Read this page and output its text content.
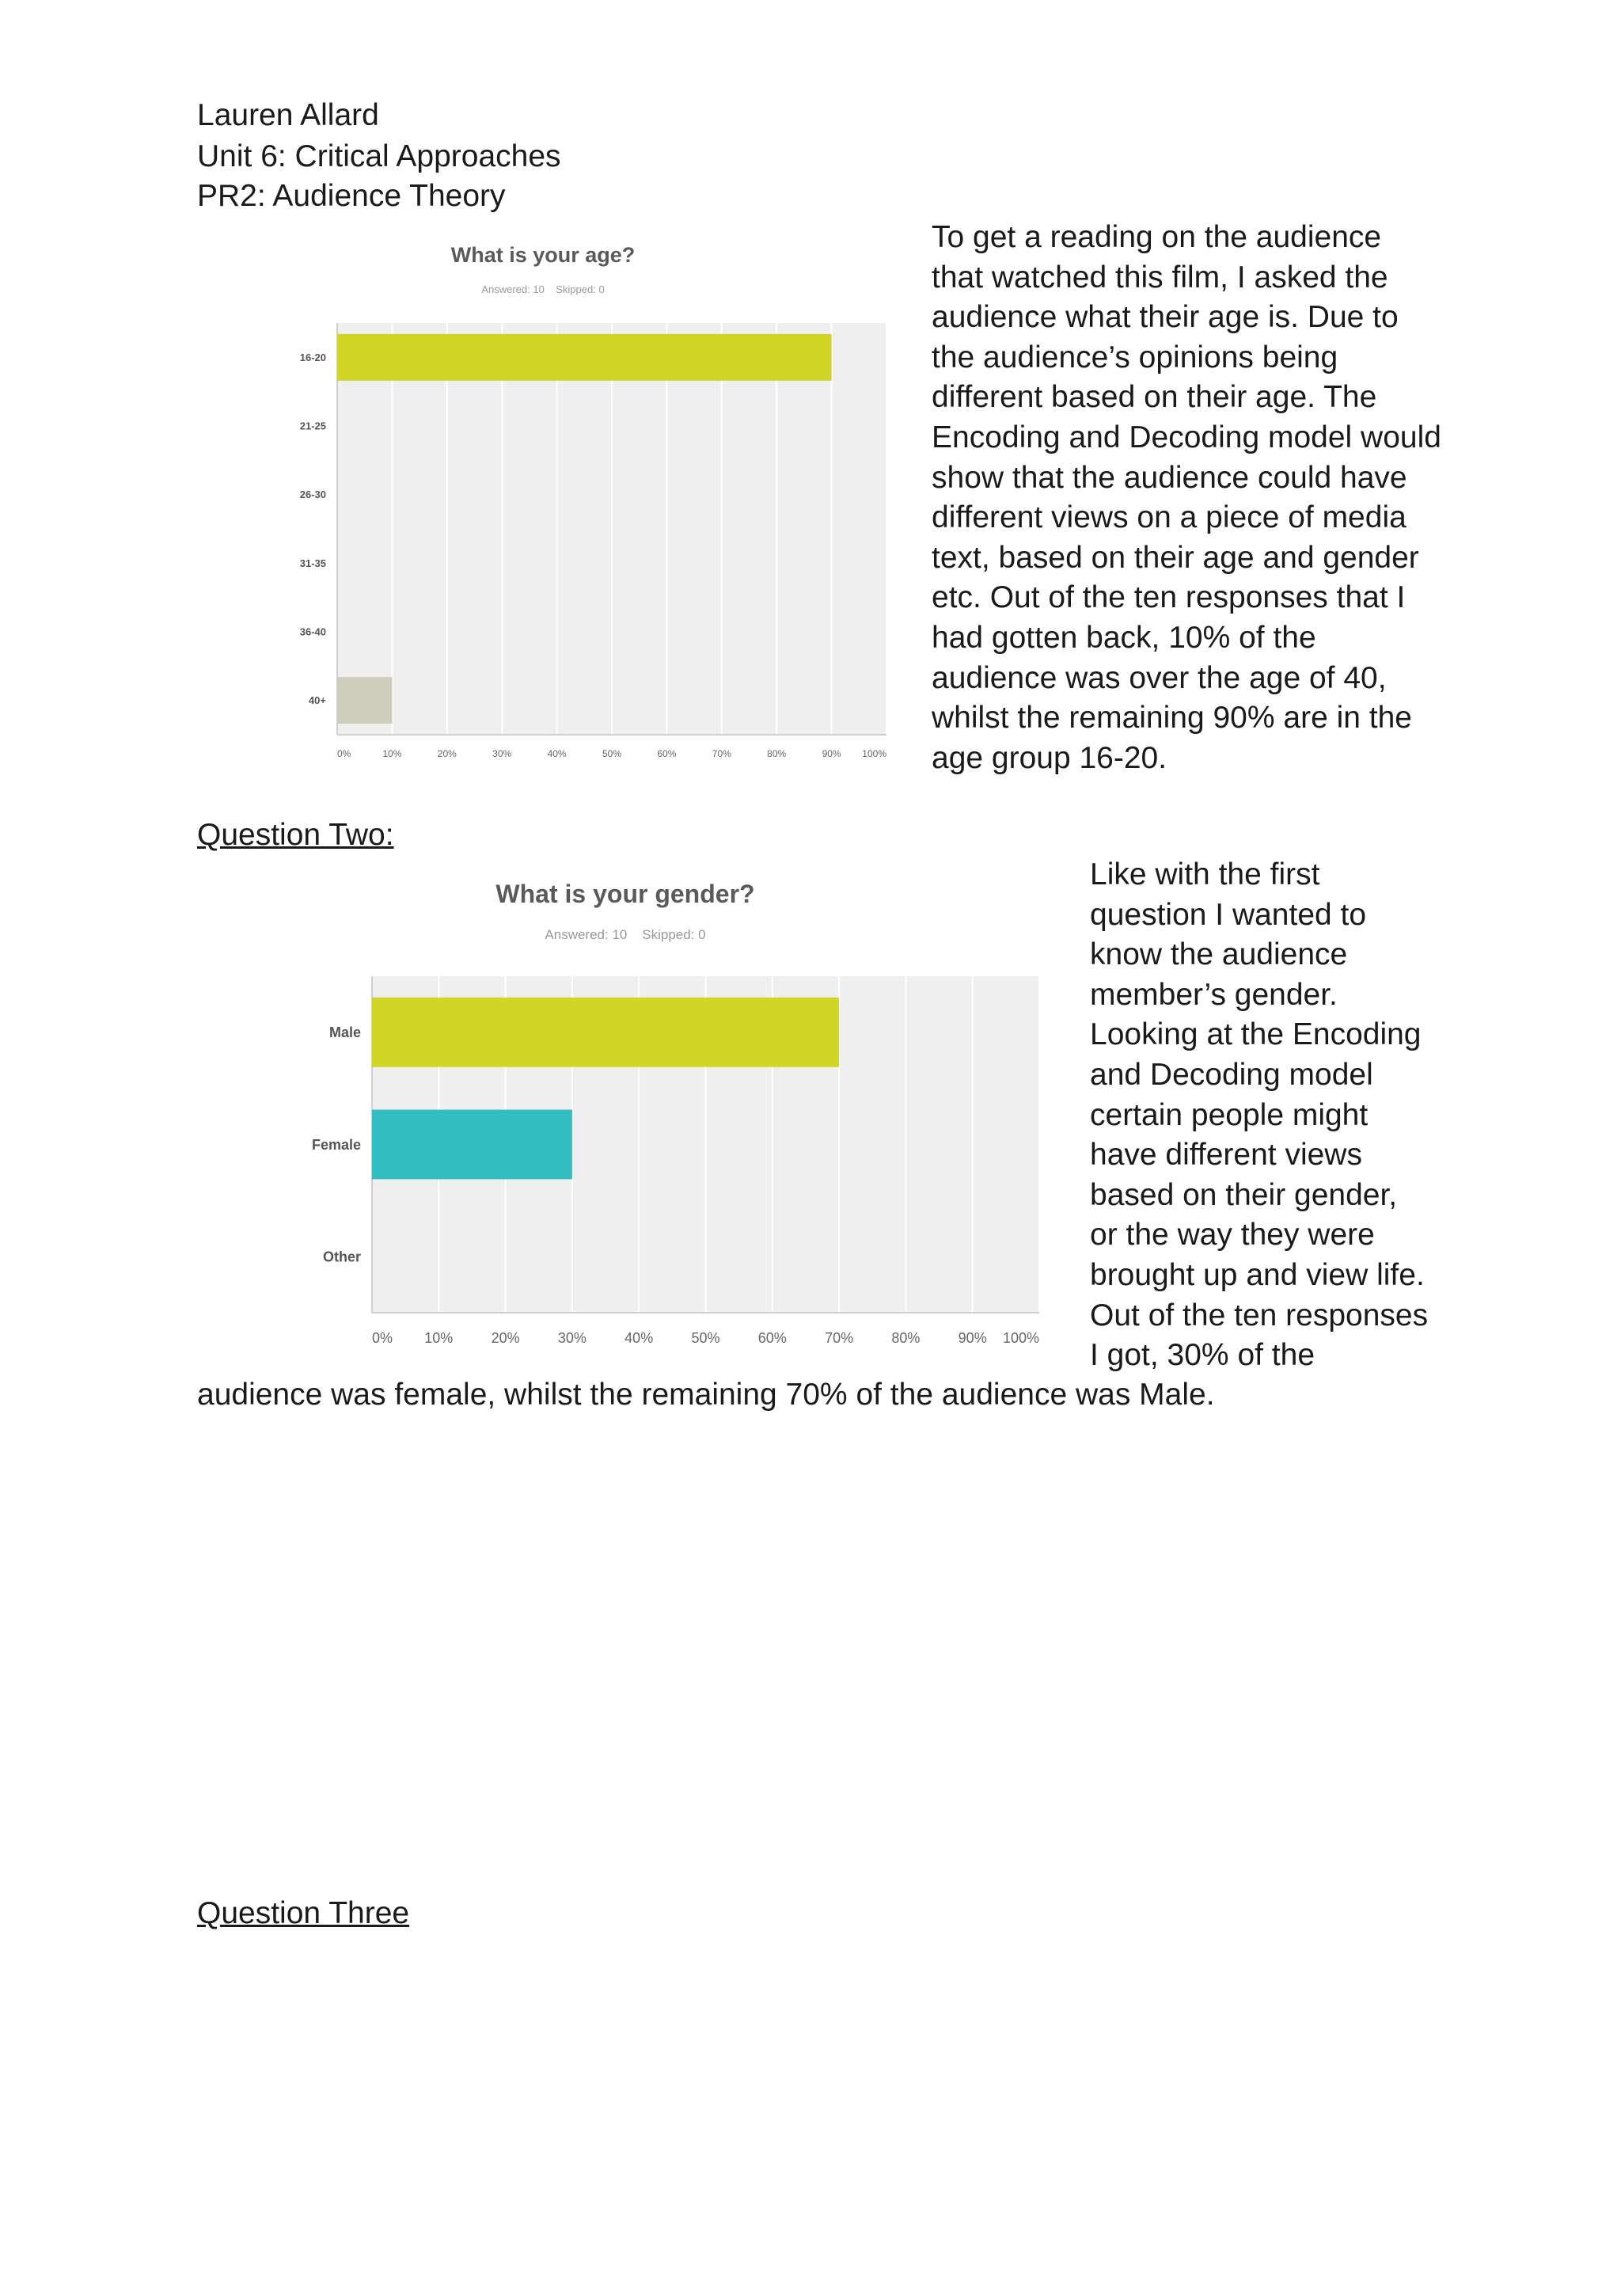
Lauren Allard
Unit 6: Critical Approaches
PR2: Audience Theory
What is your age?
Answered: 10    Skipped: 0
16-20
21-25
26-30
31-35
36-40
40+
0%	10%	20%	30%	40%	50%	60%	70%	80%	90% 100%
To get a reading on the audience
that watched this film, I asked the
audience what their age is. Due to
the audience’s opinions being
different based on their age. The
Encoding and Decoding model would
show that the audience could have
different views on a piece of media
text, based on their age and gender
etc. Out of the ten responses that I
had gotten back, 10% of the
audience was over the age of 40,
whilst the remaining 90% are in the
age group 16-20.
Question Two:
What is your gender?
Answered: 10    Skipped: 0
Male
Female
Other
0% 10%	20%	30%	40%	50%	60%	70%	80%	90% 100%
Like with the first
question I wanted to
know the audience
member’s gender.
Looking at the Encoding
and Decoding model
certain people might
have different views
based on their gender,
or the way they were
brought up and view life.
Out of the ten responses
I got, 30% of the
audience was female, whilst the remaining 70% of the audience was Male.
Question Three
